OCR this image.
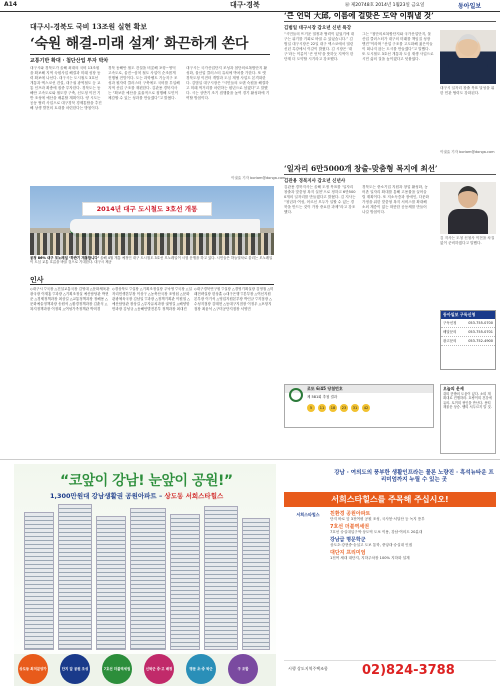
A14	대구·경북	㉥ 제20748호 2014년 1월23일 금요일	동아일보
대구시-경북도 국비 13조원 실현 확보
‘숙원 해결-미래 설계’ 화끈하게 쏜다
교통기반 확대 · 첨단산업 투자 박차
대구시와 경북도가 올해 최대의 국비 13조원을 확보해 지역 숙원사업 해결과 미래 성장 동력 확보에 나선다. 대구시는 도시철도 3호선 개통과 엑스코선 건설, 대구권 광역철도 등 교통 인프라 확충에 집중 투자한다. 경북도는 동해안 고속도로와 철도망 구축, 신도청 이전 기반 조성에 예산을 배분할 계획이다. 양 시도는 공동 협력 사업으로 대구경북 경제통합을 추진해 상생 발전의 토대를 마련한다는 방침이다.
경북 동해안 철도 건설을 비롯해 포항∼영덕 고속도로, 울진∼삼척 철도 사업이 순조롭게 진행될 전망이다. 도는 과학벨트 기능지구 조성과 원자력 클러스터 구축에도 국비를 투입해 지역 산업 구조를 재편한다. 김관용 경북지사는 “확보한 예산을 효율적으로 집행해 도민이 체감할 수 있는 성과를 만들겠다”고 밝혔다.
대구시는 국가산업단지 조성과 첨단의료복합단지 활성화, 물산업 클러스터 유치에 박차를 가한다. 또 옛 경북도청 이전터 개발과 도심 재생 사업도 본격화한다. 김범일 대구시장은 “시민들의 오랜 숙원을 해결하고 미래 먹거리를 마련하는 원년으로 삼겠다”고 말했다. 시는 상반기 조기 집행률을 높여 경기 활성화에 기여할 방침이다.
이권효 기자 boriam@donga.com
2014년 대구 도시철도 3호선 개통
공정 86% 대구 모노레일 ‘하반기 개통합니다’ 올해 4월 개통 예정인 대구 도시철도 3호선 모노레일이 시험 운행을 하고 있다. 시민들은 하늘열차로 불리는 모노레일이 도심 교통 흐름을 바꿀 것으로 기대한다. 대구시 제공
인사
◇대구시 ▽국장 △건설교통국장 김영대 △문화체육관광국장 이재홍 ▽과장 △기획조정실 예산담당관 박현준 △경제정책과장 최상길 △교통정책과장 정해용 △문화예술정책과장 송원석 △환경정책과장 김춘식 △복지정책과장 이정희 △여성가족정책관 박미경
◇경상북도 ▽실장 △기획조정실장 주낙영 ▽국장 △일자리민생본부장 이상구 △농축산국장 조영섭 △문화관광체육국장 김남일 ▽과장 △정책기획관 이원열 △예산담당관 장상길 △투자유치과장 권영길 △해양항만과장 김성규 △동해안발전본부 정책과장 최대진
◇대구경북연구원 ▽실장 △경영기획실장 김영철 △미래전략실장 한상훈 ◇대구은행 ▽본부장 △여신지원본부장 이기석 △영업지원본부장 박인규 ▽지점장 △수성지점장 김태현 △동대구지점장 이정우 △포항지점장 최윤석 △구미공단지점장 서영민
‘큰 언덕 大邱, 이름에 걸맞은 도약 이뤄낼 것’
김범일 대구시장 갑오년 신년 특강
“시민들의 뜨거운 열정과 협력이 있었기에 대구는 위기를 기회로 바꿀 수 있었습니다.” 김범일 대구시장은 22일 대구 엑스코에서 열린 신년 특강에서 이같이 밝혔다. 김 시장은 ‘대구’라는 이름이 ‘큰 언덕’을 뜻하듯 지역이 한 단계 더 도약할 시기라고 강조했다.
그는 “첨단의료복합단지와 국가산업단지, 물산업 클러스터가 대구의 미래를 책임질 성장 엔진”이라며 “산업 구조를 고도화해 젊은이들이 떠나지 않는 도시를 만들겠다”고 말했다. 또 도시철도 3호선 개통과 도심 재생 사업으로 시민 삶의 질을 높이겠다고 덧붙였다.
대구시 일자리 창출 목표 달성을 위한 민관 협력도 강화된다.
이권효 기자 boriam@donga.com
‘일자리 6만5000개 창출-맞춤형 복지에 최선’
김관용 경북지사 갑오년 신년사
김관용 경북지사는 올해 도정 목표를 ‘일자리 창출과 맞춤형 복지 실현’으로 정하고 6만5000개의 일자리를 만들겠다고 밝혔다. 김 지사는 “청년과 여성, 어르신 모두가 일할 수 있는 경북을 만드는 것이 가장 중요한 과제”라고 강조했다.
경북도는 중소기업 지원과 창업 활성화, 농어촌 일자리 확대를 통해 고용률을 끌어올릴 계획이다. 또 저소득층과 장애인, 다문화 가정을 위한 맞춤형 복지 서비스를 확대해 소외 계층이 없는 따뜻한 공동체를 만들어 나갈 방침이다.
김 지사는 도청 신청사 이전을 차질 없이 준비하겠다고 말했다.
동아일보 구독신청
구독신청	053-755-0700
배달문의	053-755-0701
광고문의	053-752-4900
로또 6/45 당첨번호
제 581회 추첨 결과
5	11	18	23	31	42
오늘의 운세
쥐띠 뜻밖의 도움이 있다. 소띠 계획대로 진행하라. 호랑이띠 건강에 유의. 토끼띠 귀인을 만난다. 용띠 재물운 상승. 뱀띠 서두르지 말 것.
“코앞이 강남! 눈앞이 공원!”
1,300만원대 강남생활권 공원아파트 – 상도동 서희스타힐스
상도동 최저분양가	단지 앞 공원 조성	7호선 더블역세권	신학군 중·고 배정	명문 초·중 학군	구 조합
강남 · 여의도의 풍부한 생활인프라는 물론 노량진 · 흑석뉴타운 프리미엄까지 누릴 수 있는 곳
서희스타힐스를 주목해 주십시오!
서희스타힐스	친환경 공원아파트
단지 바로 앞 3천여평 공원 조성, 국사봉·서달산 등 녹지 풍부
7호선 더블역세권
7호선 숭실대입구역·상도역 도보 이용, 강남·여의도 20분대
강남급 명문학군
상도초·강현중·숭실고 도보 통학, 중앙대·숭실대 인접
대단지 프리미엄
1천여 세대 대단지, 지하주차장 100% 지하화 설계
시행 상도지역주택조합	02)824-3788
